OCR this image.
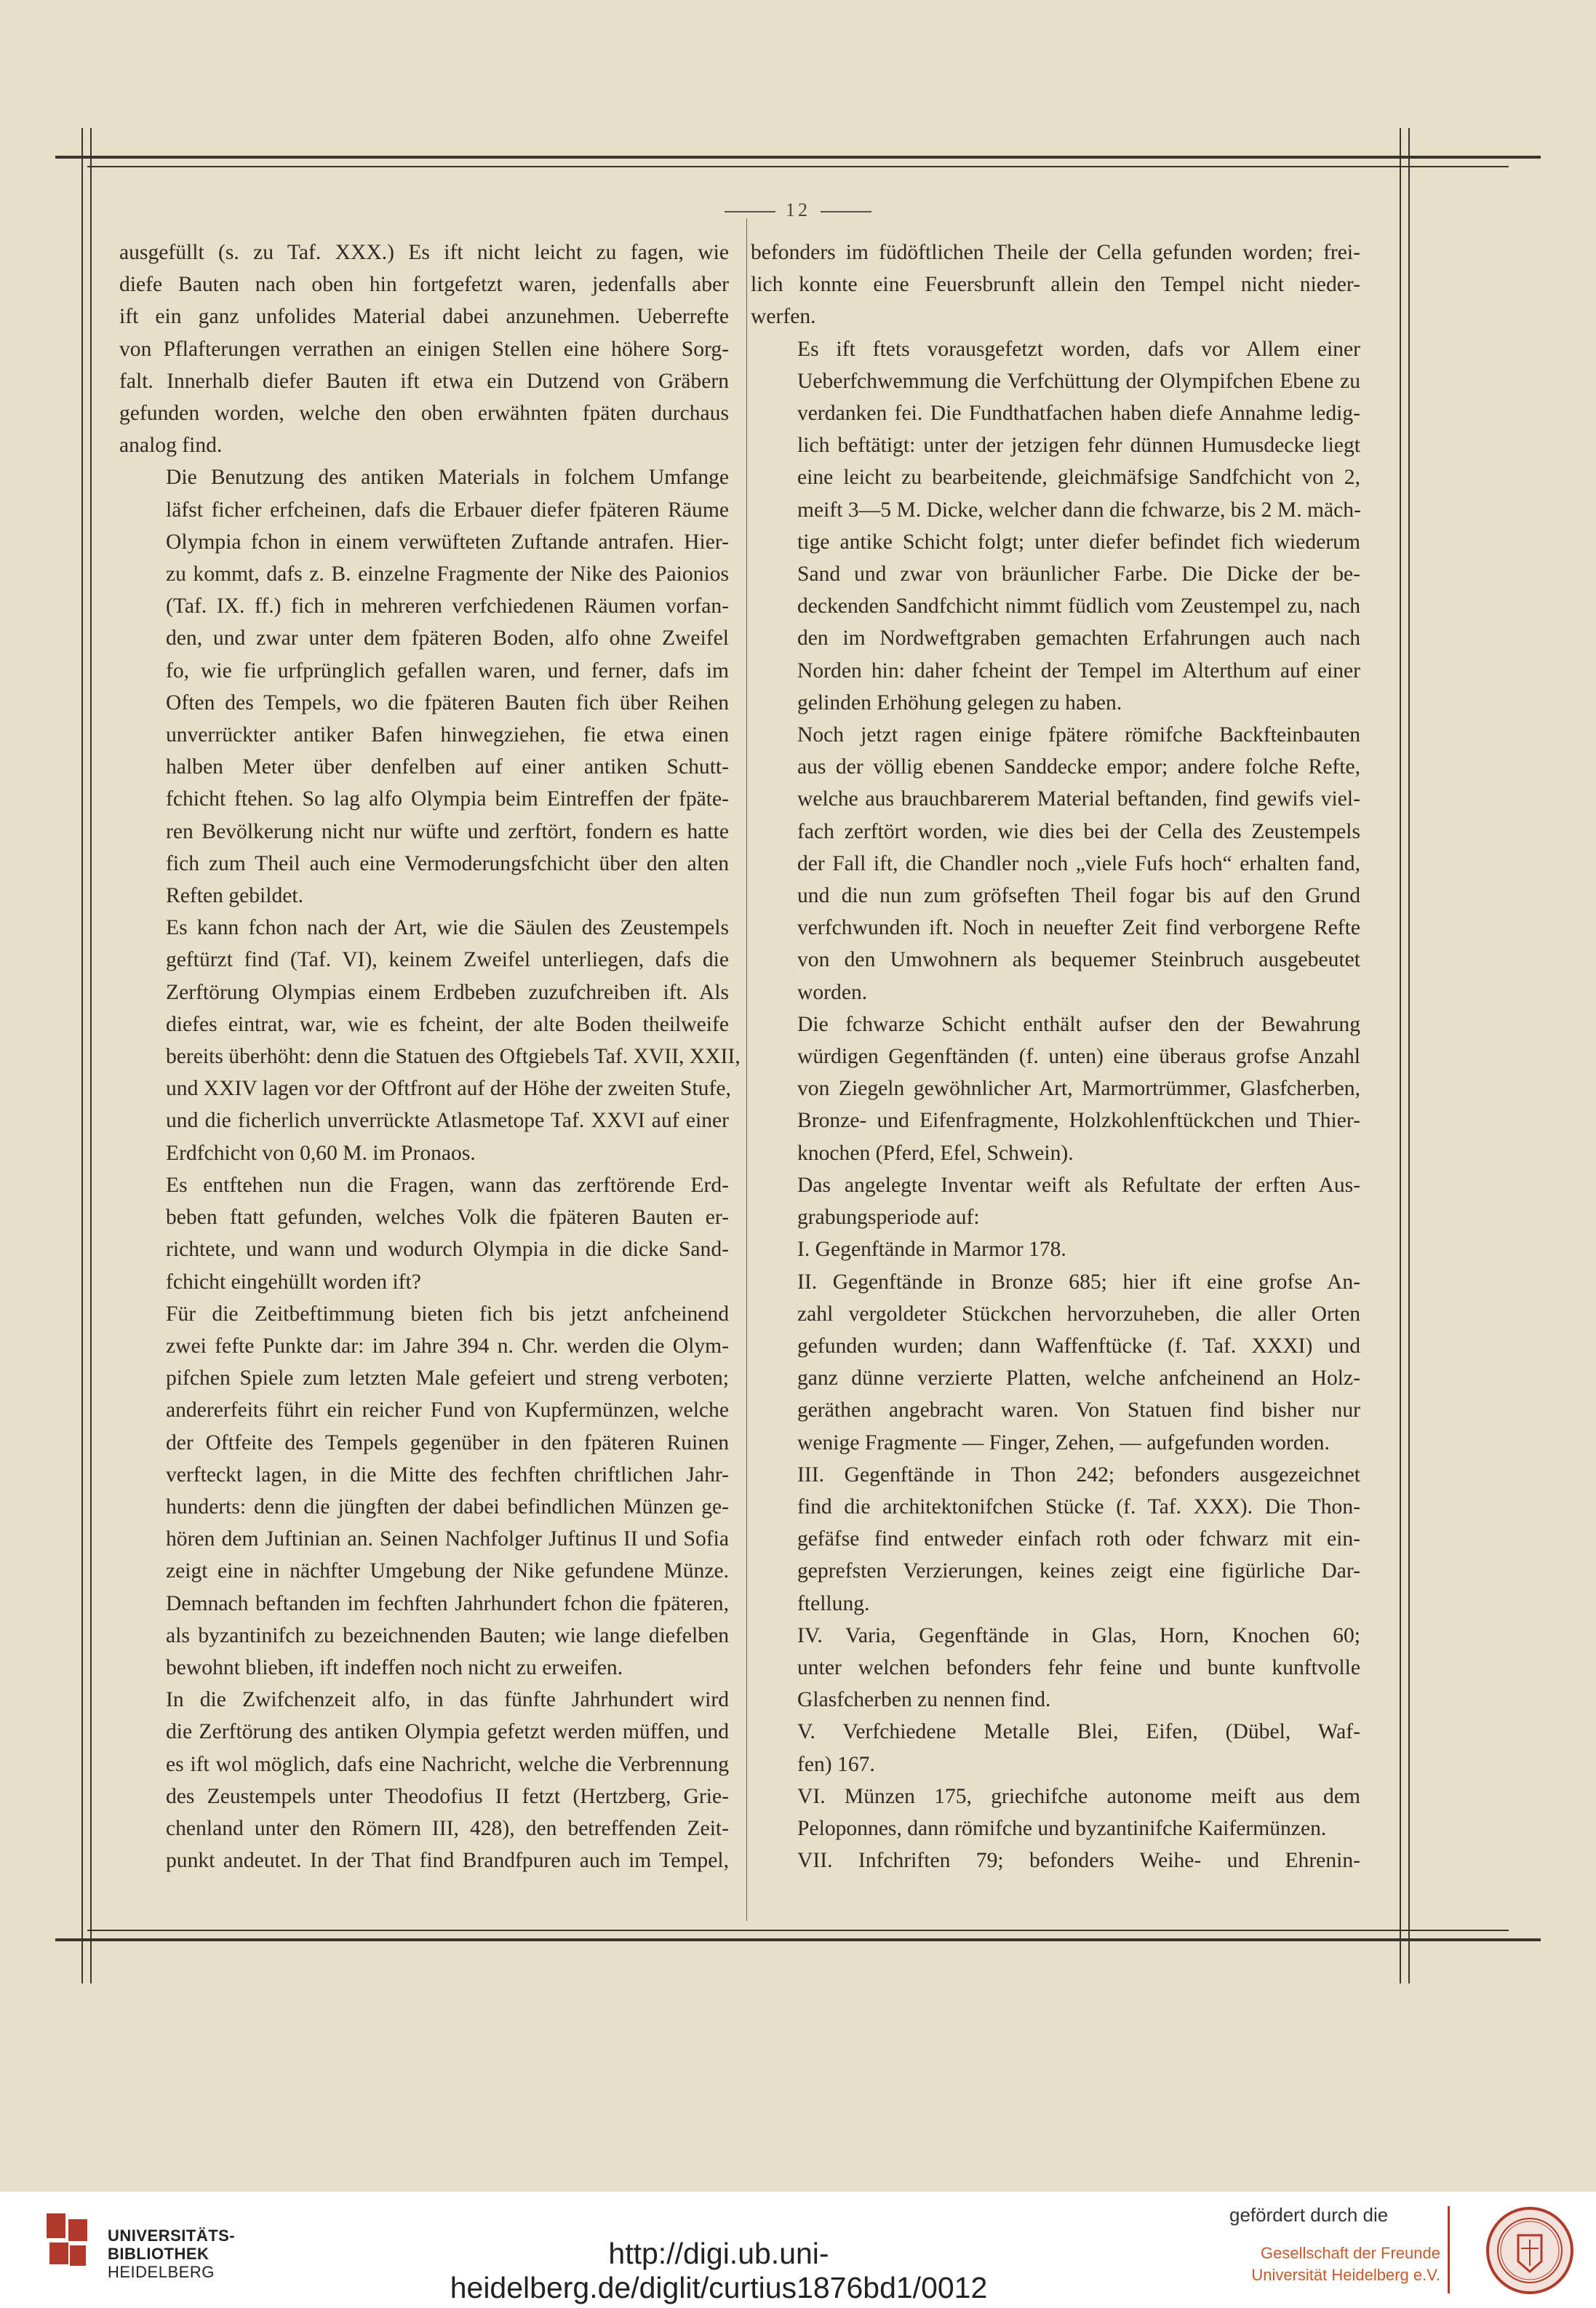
12

ausgefüllt (s. zu Taf. XXX.) Es ift nicht leicht zu fagen, wie
diefe Bauten nach oben hin fortgefetzt waren, jedenfalls aber
ift ein ganz unfolides Material dabei anzunehmen. Ueberrefte
von Pflafterungen verrathen an einigen Stellen eine höhere Sorg-
falt. Innerhalb diefer Bauten ift etwa ein Dutzend von Gräbern
gefunden worden, welche den oben erwähnten fpäten durchaus
analog find.

Die Benutzung des antiken Materials in folchem Umfange
läfst ficher erfcheinen, dafs die Erbauer diefer fpäteren Räume
Olympia fchon in einem verwüfteten Zuftande antrafen. Hier-
zu kommt, dafs z. B. einzelne Fragmente der Nike des Paionios
(Taf. IX. ff.) fich in mehreren verfchiedenen Räumen vorfan-
den, und zwar unter dem fpäteren Boden, alfo ohne Zweifel
fo, wie fie urfprünglich gefallen waren, und ferner, dafs im
Often des Tempels, wo die fpäteren Bauten fich über Reihen
unverrückter antiker Bafen hinwegziehen, fie etwa einen
halben Meter über denfelben auf einer antiken Schutt-
fchicht ftehen. So lag alfo Olympia beim Eintreffen der fpäte-
ren Bevölkerung nicht nur wüfte und zerftört, fondern es hatte
fich zum Theil auch eine Vermoderungsfchicht über den alten
Reften gebildet.

Es kann fchon nach der Art, wie die Säulen des Zeustempels
geftürzt find (Taf. VI), keinem Zweifel unterliegen, dafs die
Zerftörung Olympias einem Erdbeben zuzufchreiben ift. Als
diefes eintrat, war, wie es fcheint, der alte Boden theilweife
bereits überhöht: denn die Statuen des Oftgiebels Taf. XVII, XXII,
und XXIV lagen vor der Oftfront auf der Höhe der zweiten Stufe,
und die ficherlich unverrückte Atlasmetope Taf. XXVI auf einer
Erdfchicht von 0,60 M. im Pronaos.

Es entftehen nun die Fragen, wann das zerftörende Erd-
beben ftatt gefunden, welches Volk die fpäteren Bauten er-
richtete, und wann und wodurch Olympia in die dicke Sand-
fchicht eingehüllt worden ift?

Für die Zeitbeftimmung bieten fich bis jetzt anfcheinend
zwei fefte Punkte dar: im Jahre 394 n. Chr. werden die Olym-
pifchen Spiele zum letzten Male gefeiert und streng verboten;
andererfeits führt ein reicher Fund von Kupfermünzen, welche
der Oftfeite des Tempels gegenüber in den fpäteren Ruinen
verfteckt lagen, in die Mitte des fechften chriftlichen Jahr-
hunderts: denn die jüngften der dabei befindlichen Münzen ge-
hören dem Juftinian an. Seinen Nachfolger Juftinus II und Sofia
zeigt eine in nächfter Umgebung der Nike gefundene Münze.
Demnach beftanden im fechften Jahrhundert fchon die fpäteren,
als byzantinifch zu bezeichnenden Bauten; wie lange diefelben
bewohnt blieben, ift indeffen noch nicht zu erweifen.

In die Zwifchenzeit alfo, in das fünfte Jahrhundert wird
die Zerftörung des antiken Olympia gefetzt werden müffen, und
es ift wol möglich, dafs eine Nachricht, welche die Verbrennung
des Zeustempels unter Theodofius II fetzt (Hertzberg, Grie-
chenland unter den Römern III, 428), den betreffenden Zeit-
punkt andeutet. In der That find Brandfpuren auch im Tempel,

befonders im füdöftlichen Theile der Cella gefunden worden; frei-
lich konnte eine Feuersbrunft allein den Tempel nicht nieder-
werfen.

Es ift ftets vorausgefetzt worden, dafs vor Allem einer
Ueberfchwemmung die Verfchüttung der Olympifchen Ebene zu
verdanken fei. Die Fundthatfachen haben diefe Annahme ledig-
lich beftätigt: unter der jetzigen fehr dünnen Humusdecke liegt
eine leicht zu bearbeitende, gleichmäfsige Sandfchicht von 2,
meift 3—5 M. Dicke, welcher dann die fchwarze, bis 2 M. mäch-
tige antike Schicht folgt; unter diefer befindet fich wiederum
Sand und zwar von bräunlicher Farbe. Die Dicke der be-
deckenden Sandfchicht nimmt füdlich vom Zeustempel zu, nach
den im Nordweftgraben gemachten Erfahrungen auch nach
Norden hin: daher fcheint der Tempel im Alterthum auf einer
gelinden Erhöhung gelegen zu haben.

Noch jetzt ragen einige fpätere römifche Backfteinbauten
aus der völlig ebenen Sanddecke empor; andere folche Refte,
welche aus brauchbarerem Material beftanden, find gewifs viel-
fach zerftört worden, wie dies bei der Cella des Zeustempels
der Fall ift, die Chandler noch „viele Fufs hoch“ erhalten fand,
und die nun zum gröfseften Theil fogar bis auf den Grund
verfchwunden ift. Noch in neuefter Zeit find verborgene Refte
von den Umwohnern als bequemer Steinbruch ausgebeutet
worden.

Die fchwarze Schicht enthält aufser den der Bewahrung
würdigen Gegenftänden (f. unten) eine überaus grofse Anzahl
von Ziegeln gewöhnlicher Art, Marmortrümmer, Glasfcherben,
Bronze- und Eifenfragmente, Holzkohlenftückchen und Thier-
knochen (Pferd, Efel, Schwein).

Das angelegte Inventar weift als Refultate der erften Aus-
grabungsperiode auf:

I. Gegenftände in Marmor 178.

II. Gegenftände in Bronze 685; hier ift eine grofse An-
zahl vergoldeter Stückchen hervorzuheben, die aller Orten
gefunden wurden; dann Waffenftücke (f. Taf. XXXI) und
ganz dünne verzierte Platten, welche anfcheinend an Holz-
geräthen angebracht waren. Von Statuen find bisher nur
wenige Fragmente — Finger, Zehen, — aufgefunden worden.

III. Gegenftände in Thon 242; befonders ausgezeichnet
find die architektonifchen Stücke (f. Taf. XXX). Die Thon-
gefäfse find entweder einfach roth oder fchwarz mit ein-
geprefsten Verzierungen, keines zeigt eine figürliche Dar-
ftellung.

IV. Varia, Gegenftände in Glas, Horn, Knochen 60;
unter welchen befonders fehr feine und bunte kunftvolle
Glasfcherben zu nennen find.

V. Verfchiedene Metalle Blei, Eifen, (Dübel, Waf-
fen) 167.

VI. Münzen 175, griechifche autonome meift aus dem
Peloponnes, dann römifche und byzantinifche Kaifermünzen.

VII. Infchriften 79; befonders Weihe- und Ehrenin-

UNIVERSITÄTS-
BIBLIOTHEK
HEIDELBERG
http://digi.ub.uni-heidelberg.de/diglit/curtius1876bd1/0012
gefördert durch die
Gesellschaft der Freunde
Universität Heidelberg e.V.
